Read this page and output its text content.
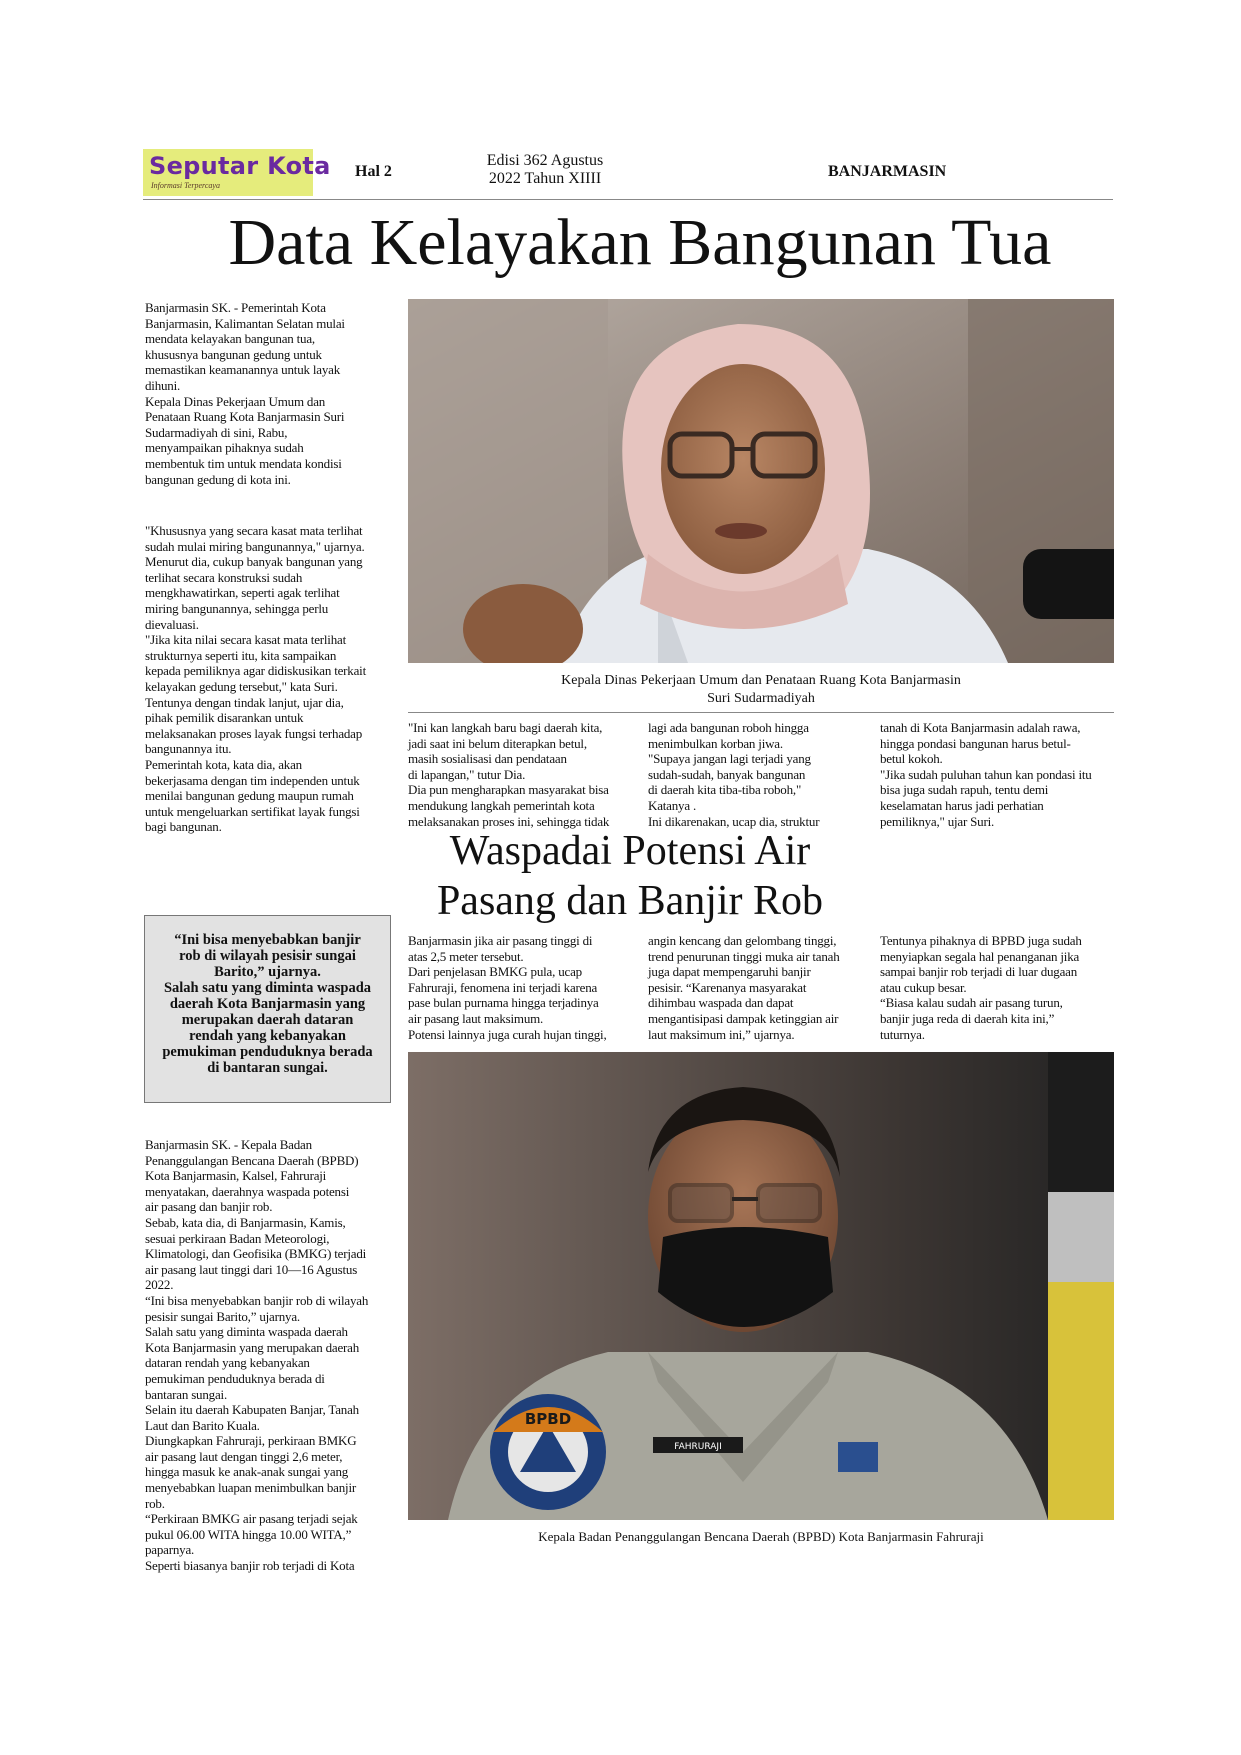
Seputar Kota
Informasi Terpercaya
Hal 2
Edisi 362 Agustus
2022 Tahun XIIII	BANJARMASIN
Data Kelayakan Bangunan Tua
Banjarmasin SK. - Pemerintah Kota
Banjarmasin, Kalimantan Selatan mulai
mendata kelayakan bangunan tua,
khususnya bangunan gedung untuk
memastikan keamanannya untuk layak
dihuni.
Kepala Dinas Pekerjaan Umum dan
Penataan Ruang Kota Banjarmasin Suri
Sudarmadiyah di sini, Rabu,
menyampaikan pihaknya sudah
membentuk tim untuk mendata kondisi
bangunan gedung di kota ini.
"Khususnya yang secara kasat mata terlihat
sudah mulai miring bangunannya," ujarnya.
Menurut dia, cukup banyak bangunan yang
terlihat secara konstruksi sudah
mengkhawatirkan, seperti agak terlihat
miring bangunannya, sehingga perlu
dievaluasi.
"Jika kita nilai secara kasat mata terlihat
strukturnya seperti itu, kita sampaikan
kepada pemiliknya agar didiskusikan terkait
kelayakan gedung tersebut," kata Suri.
Tentunya dengan tindak lanjut, ujar dia,
pihak pemilik disarankan untuk
melaksanakan proses layak fungsi terhadap
bangunannya itu.
Pemerintah kota, kata dia, akan
bekerjasama dengan tim independen untuk
menilai bangunan gedung maupun rumah
untuk mengeluarkan sertifikat layak fungsi
bagi bangunan.
Kepala Dinas Pekerjaan Umum dan Penataan Ruang Kota Banjarmasin
Suri Sudarmadiyah
"Ini kan langkah baru bagi daerah kita,
jadi saat ini belum diterapkan betul,
masih sosialisasi dan pendataan
di lapangan," tutur Dia.
Dia pun mengharapkan masyarakat bisa
mendukung langkah pemerintah kota
melaksanakan proses ini, sehingga tidak
lagi ada bangunan roboh hingga
menimbulkan korban jiwa.
"Supaya jangan lagi terjadi yang
sudah-sudah, banyak bangunan
di daerah kita tiba-tiba roboh,"
Katanya .
Ini dikarenakan, ucap dia, struktur
tanah di Kota Banjarmasin adalah rawa,
hingga pondasi bangunan harus betul-
betul kokoh.
"Jika sudah puluhan tahun kan pondasi itu
bisa juga sudah rapuh, tentu demi
keselamatan harus jadi perhatian
pemiliknya," ujar Suri.
Waspadai Potensi Air
Pasang dan Banjir Rob
“Ini bisa menyebabkan banjir
rob di wilayah pesisir sungai
Barito,” ujarnya.
Salah satu yang diminta waspada
daerah Kota Banjarmasin yang
merupakan daerah dataran
rendah yang kebanyakan
pemukiman penduduknya berada
di bantaran sungai.
Banjarmasin SK. - Kepala Badan
Penanggulangan Bencana Daerah (BPBD)
Kota Banjarmasin, Kalsel, Fahruraji
menyatakan, daerahnya waspada potensi
air pasang dan banjir rob.
Sebab, kata dia, di Banjarmasin, Kamis,
sesuai perkiraan Badan Meteorologi,
Klimatologi, dan Geofisika (BMKG) terjadi
air pasang laut tinggi dari 10—16 Agustus
2022.
“Ini bisa menyebabkan banjir rob di wilayah
pesisir sungai Barito,” ujarnya.
Salah satu yang diminta waspada daerah
Kota Banjarmasin yang merupakan daerah
dataran rendah yang kebanyakan
pemukiman penduduknya berada di
bantaran sungai.
Selain itu daerah Kabupaten Banjar, Tanah
Laut dan Barito Kuala.
Diungkapkan Fahruraji, perkiraan BMKG
air pasang laut dengan tinggi 2,6 meter,
hingga masuk ke anak-anak sungai yang
menyebabkan luapan menimbulkan banjir
rob.
“Perkiraan BMKG air pasang terjadi sejak
pukul 06.00 WITA hingga 10.00 WITA,”
paparnya.
Seperti biasanya banjir rob terjadi di Kota
Banjarmasin jika air pasang tinggi di
atas 2,5 meter tersebut.
Dari penjelasan BMKG pula, ucap
Fahruraji, fenomena ini terjadi karena
pase bulan purnama hingga terjadinya
air pasang laut maksimum.
Potensi lainnya juga curah hujan tinggi,
angin kencang dan gelombang tinggi,
trend penurunan tinggi muka air tanah
juga dapat mempengaruhi banjir
pesisir. “Karenanya masyarakat
dihimbau waspada dan dapat
mengantisipasi dampak ketinggian air
laut maksimum ini,” ujarnya.
Tentunya pihaknya di BPBD juga sudah
menyiapkan segala hal penanganan jika
sampai banjir rob terjadi di luar dugaan
atau cukup besar.
“Biasa kalau sudah air pasang turun,
banjir juga reda di daerah kita ini,”
tuturnya.
BPBD
FAHRURAJI
Kepala Badan Penanggulangan Bencana Daerah (BPBD) Kota Banjarmasin Fahruraji
